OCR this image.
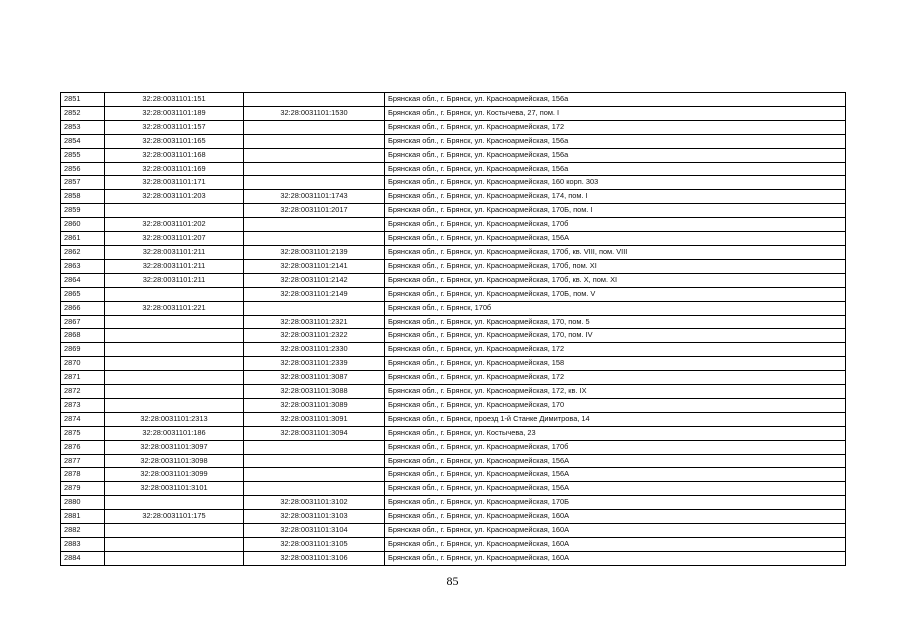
2851	32:28:0031101:151		Брянская обл., г. Брянск, ул. Красноармейская, 156а
2852	32:28:0031101:189	32:28:0031101:1530	Брянская обл., г. Брянск, ул. Костычева, 27, пом. I
2853	32:28:0031101:157		Брянская обл., г. Брянск, ул. Красноармейская, 172
2854	32:28:0031101:165		Брянская обл., г. Брянск, ул. Красноармейская, 156а
2855	32:28:0031101:168		Брянская обл., г. Брянск, ул. Красноармейская, 156а
2856	32:28:0031101:169		Брянская обл., г. Брянск, ул. Красноармейская, 156а
2857	32:28:0031101:171		Брянская обл., г. Брянск, ул. Красноармейская, 160 корп. 303
2858	32:28:0031101:203	32:28:0031101:1743	Брянская обл., г. Брянск, ул. Красноармейская, 174, пом. I
2859		32:28:0031101:2017	Брянская обл., г. Брянск, ул. Красноармейская, 170Б, пом. I
2860	32:28:0031101:202		Брянская обл., г. Брянск, ул. Красноармейская, 170б
2861	32:28:0031101:207		Брянская обл., г. Брянск, ул. Красноармейская, 156А
2862	32:28:0031101:211	32:28:0031101:2139	Брянская обл., г. Брянск, ул. Красноармейская, 170б, кв. VIII, пом. VIII
2863	32:28:0031101:211	32:28:0031101:2141	Брянская обл., г. Брянск, ул. Красноармейская, 170б, пом. XI
2864	32:28:0031101:211	32:28:0031101:2142	Брянская обл., г. Брянск, ул. Красноармейская, 170б, кв. X, пом. XI
2865		32:28:0031101:2149	Брянская обл., г. Брянск, ул. Красноармейская, 170Б, пом. V
2866	32:28:0031101:221		Брянская обл., г. Брянск, 170б
2867		32:28:0031101:2321	Брянская обл., г. Брянск, ул. Красноармейская, 170, пом. 5
2868		32:28:0031101:2322	Брянская обл., г. Брянск, ул. Красноармейская, 170, пом. IV
2869		32:28:0031101:2330	Брянская обл., г. Брянск, ул. Красноармейская, 172
2870		32:28:0031101:2339	Брянская обл., г. Брянск, ул. Красноармейская, 158
2871		32:28:0031101:3087	Брянская обл., г. Брянск, ул. Красноармейская, 172
2872		32:28:0031101:3088	Брянская обл., г. Брянск, ул. Красноармейская, 172, кв. IX
2873		32:28:0031101:3089	Брянская обл., г. Брянск, ул. Красноармейская, 170
2874	32:28:0031101:2313	32:28:0031101:3091	Брянская обл., г. Брянск, проезд 1-й Станке Димитрова, 14
2875	32:28:0031101:186	32:28:0031101:3094	Брянская обл., г. Брянск, ул. Костычева, 23
2876	32:28:0031101:3097		Брянская обл., г. Брянск, ул. Красноармейская, 170б
2877	32:28:0031101:3098		Брянская обл., г. Брянск, ул. Красноармейская, 156А
2878	32:28:0031101:3099		Брянская обл., г. Брянск, ул. Красноармейская, 156А
2879	32:28:0031101:3101		Брянская обл., г. Брянск, ул. Красноармейская, 156А
2880		32:28:0031101:3102	Брянская обл., г. Брянск, ул. Красноармейская, 170Б
2881	32:28:0031101:175	32:28:0031101:3103	Брянская обл., г. Брянск, ул. Красноармейская, 160А
2882		32:28:0031101:3104	Брянская обл., г. Брянск, ул. Красноармейская, 160А
2883		32:28:0031101:3105	Брянская обл., г. Брянск, ул. Красноармейская, 160А
2884		32:28:0031101:3106	Брянская обл., г. Брянск, ул. Красноармейская, 160А
85
